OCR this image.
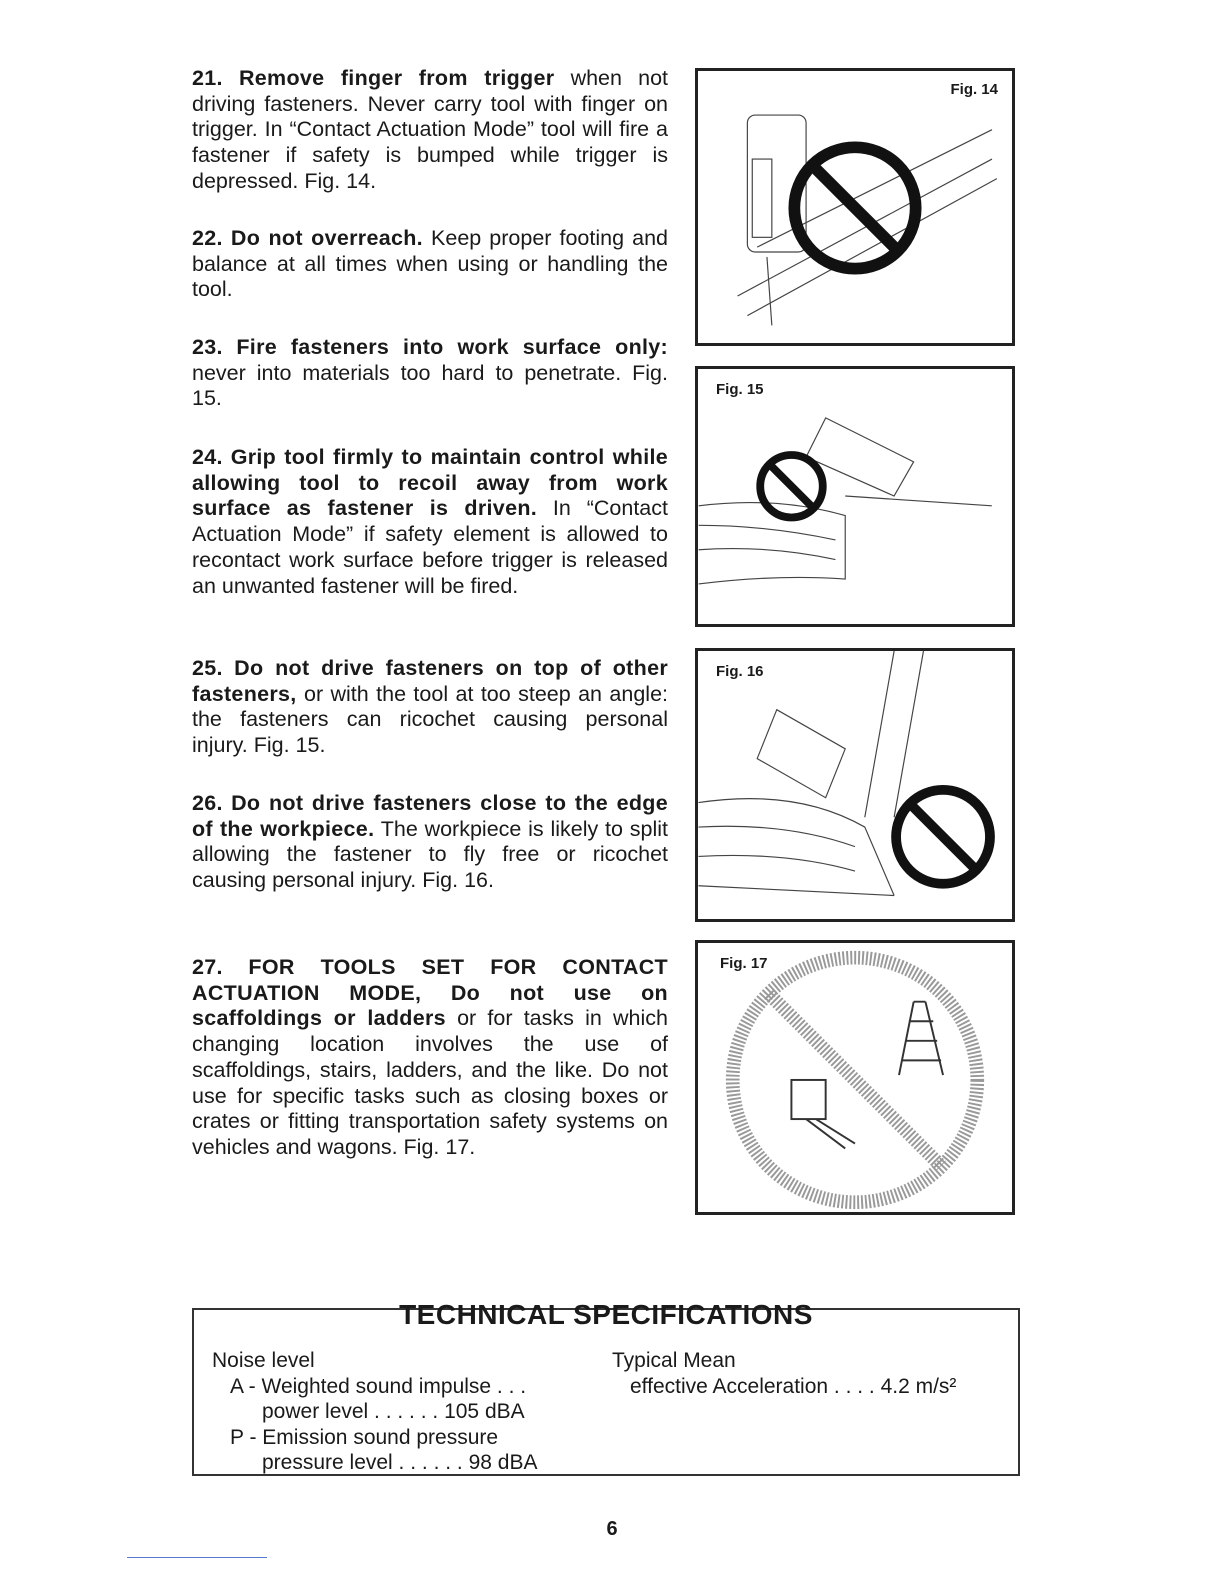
21. Remove finger from trigger when not driving fasteners. Never carry tool with finger on trigger. In “Contact Actuation Mode” tool will fire a fastener if safety is bumped while trigger is depressed. Fig. 14.
22. Do not overreach. Keep proper footing and balance at all times when using or handling the tool.
23. Fire fasteners into work surface only: never into materials too hard to penetrate. Fig. 15.
24. Grip tool firmly to maintain control while allowing tool to recoil away from work surface as fastener is driven. In “Contact Actuation Mode” if safety element is allowed to recontact work surface before trigger is released an unwanted fastener will be fired.
25. Do not drive fasteners on top of other fasteners, or with the tool at too steep an angle: the fasteners can ricochet causing personal injury. Fig. 15.
26. Do not drive fasteners close to the edge of the workpiece. The workpiece is likely to split allowing the fastener to fly free or ricochet causing personal injury. Fig. 16.
27. FOR TOOLS SET FOR CONTACT ACTUATION MODE, Do not use on scaffoldings or ladders or for tasks in which changing location involves the use of scaffoldings, stairs, ladders, and the like. Do not use for specific tasks such as closing boxes or crates or fitting transportation safety systems on vehicles and wagons. Fig. 17.
Fig. 14
Fig. 15
Fig. 16
Fig. 17
TECHNICAL SPECIFICATIONS
Noise level
A - Weighted sound impulse . . .
power level . . . . . . 105 dBA
P - Emission sound pressure
pressure level . . . . . . 98 dBA
Typical Mean
effective Acceleration . . . . 4.2 m/s²
6
